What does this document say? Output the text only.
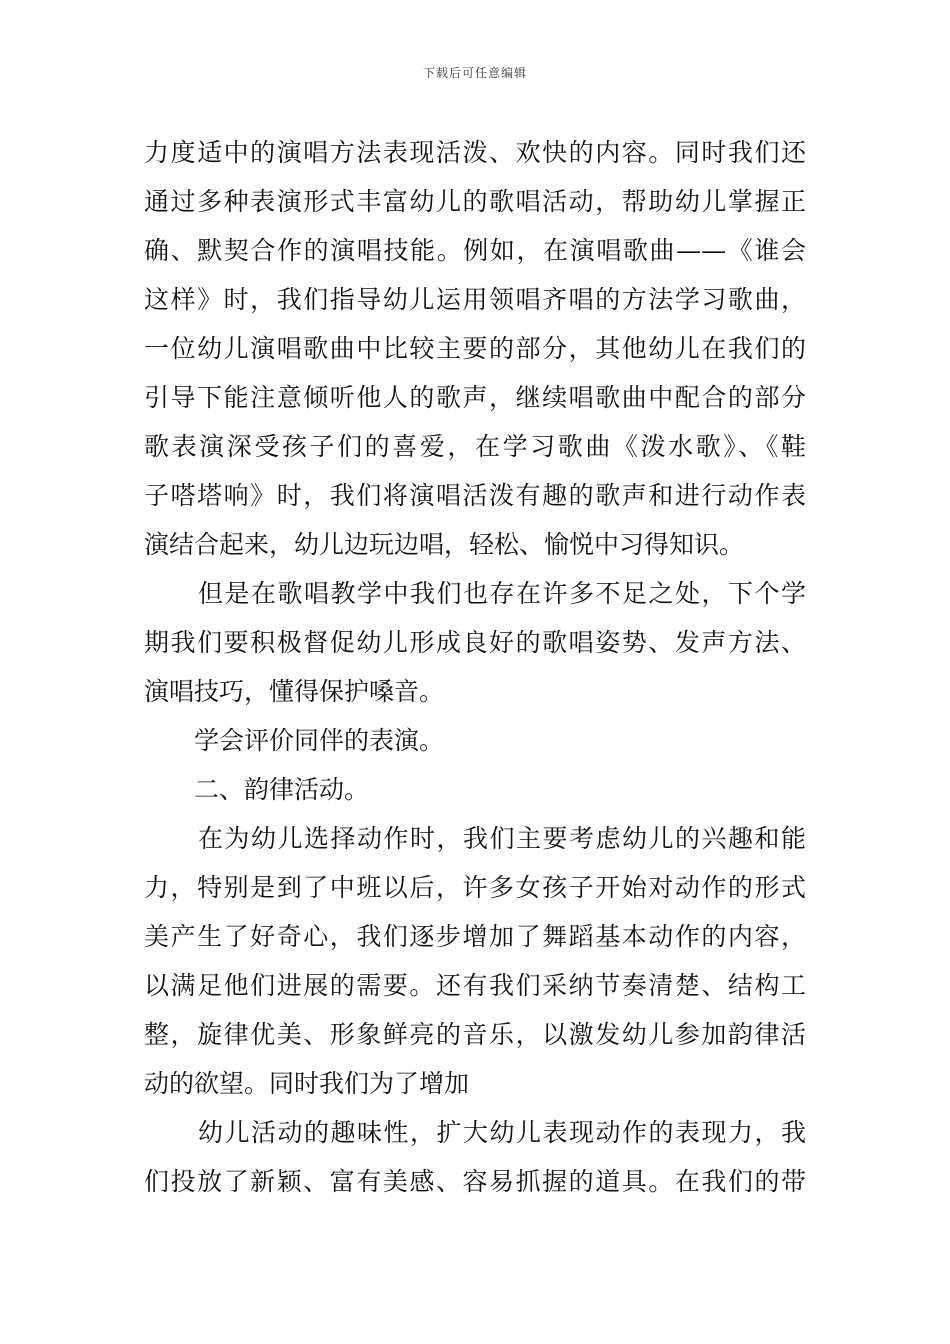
下载后可任意编辑
力度适中的演唱方法表现活泼、欢快的内容。同时我们还
通过多种表演形式丰富幼儿的歌唱活动，帮助幼儿掌握正
确、默契合作的演唱技能。例如，在演唱歌曲——《谁会
这样》时，我们指导幼儿运用领唱齐唱的方法学习歌曲，
一位幼儿演唱歌曲中比较主要的部分，其他幼儿在我们的
引导下能注意倾听他人的歌声，继续唱歌曲中配合的部分
歌表演深受孩子们的喜爱，在学习歌曲《泼水歌》、《鞋
子嗒塔响》时，我们将演唱活泼有趣的歌声和进行动作表
演结合起来，幼儿边玩边唱，轻松、愉悦中习得知识。
但是在歌唱教学中我们也存在许多不足之处，下个学
期我们要积极督促幼儿形成良好的歌唱姿势、发声方法、
演唱技巧，懂得保护嗓音。
学会评价同伴的表演。
二、韵律活动。
在为幼儿选择动作时，我们主要考虑幼儿的兴趣和能
力，特别是到了中班以后，许多女孩子开始对动作的形式
美产生了好奇心，我们逐步增加了舞蹈基本动作的内容，
以满足他们进展的需要。还有我们采纳节奏清楚、结构工
整，旋律优美、形象鲜亮的音乐，以激发幼儿参加韵律活
动的欲望。同时我们为了增加
幼儿活动的趣味性，扩大幼儿表现动作的表现力，我
们投放了新颖、富有美感、容易抓握的道具。在我们的带
